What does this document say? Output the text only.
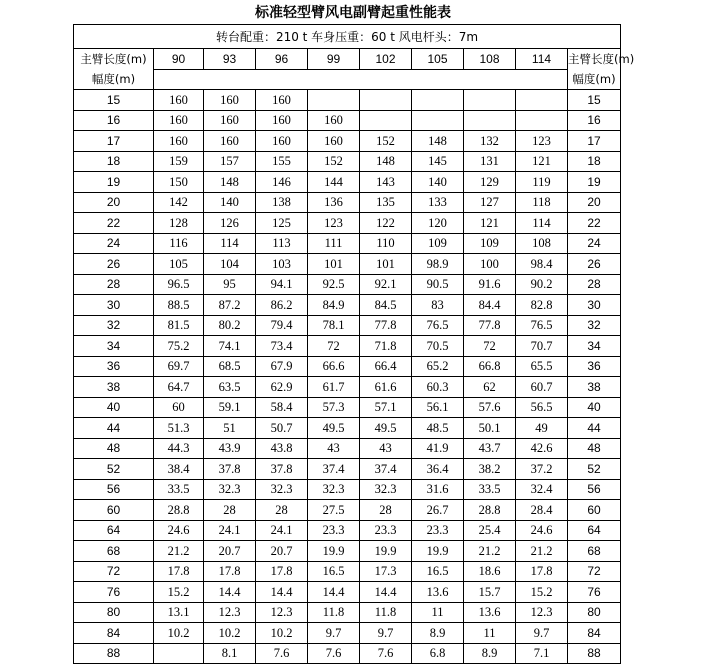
标准轻型臂风电副臂起重性能表
转台配重：210 t 车身压重：60 t 风电杆头：7m									
主臂长度(m)	90	93	96	99	102	105	108	114	主臂长度(m)
幅度(m)									幅度(m)
15	160	160	160						15
16	160	160	160	160					16
17	160	160	160	160	152	148	132	123	17
18	159	157	155	152	148	145	131	121	18
19	150	148	146	144	143	140	129	119	19
20	142	140	138	136	135	133	127	118	20
22	128	126	125	123	122	120	121	114	22
24	116	114	113	111	110	109	109	108	24
26	105	104	103	101	101	98.9	100	98.4	26
28	96.5	95	94.1	92.5	92.1	90.5	91.6	90.2	28
30	88.5	87.2	86.2	84.9	84.5	83	84.4	82.8	30
32	81.5	80.2	79.4	78.1	77.8	76.5	77.8	76.5	32
34	75.2	74.1	73.4	72	71.8	70.5	72	70.7	34
36	69.7	68.5	67.9	66.6	66.4	65.2	66.8	65.5	36
38	64.7	63.5	62.9	61.7	61.6	60.3	62	60.7	38
40	60	59.1	58.4	57.3	57.1	56.1	57.6	56.5	40
44	51.3	51	50.7	49.5	49.5	48.5	50.1	49	44
48	44.3	43.9	43.8	43	43	41.9	43.7	42.6	48
52	38.4	37.8	37.8	37.4	37.4	36.4	38.2	37.2	52
56	33.5	32.3	32.3	32.3	32.3	31.6	33.5	32.4	56
60	28.8	28	28	27.5	28	26.7	28.8	28.4	60
64	24.6	24.1	24.1	23.3	23.3	23.3	25.4	24.6	64
68	21.2	20.7	20.7	19.9	19.9	19.9	21.2	21.2	68
72	17.8	17.8	17.8	16.5	17.3	16.5	18.6	17.8	72
76	15.2	14.4	14.4	14.4	14.4	13.6	15.7	15.2	76
80	13.1	12.3	12.3	11.8	11.8	11	13.6	12.3	80
84	10.2	10.2	10.2	9.7	9.7	8.9	11	9.7	84
88		8.1	7.6	7.6	7.6	6.8	8.9	7.1	88
